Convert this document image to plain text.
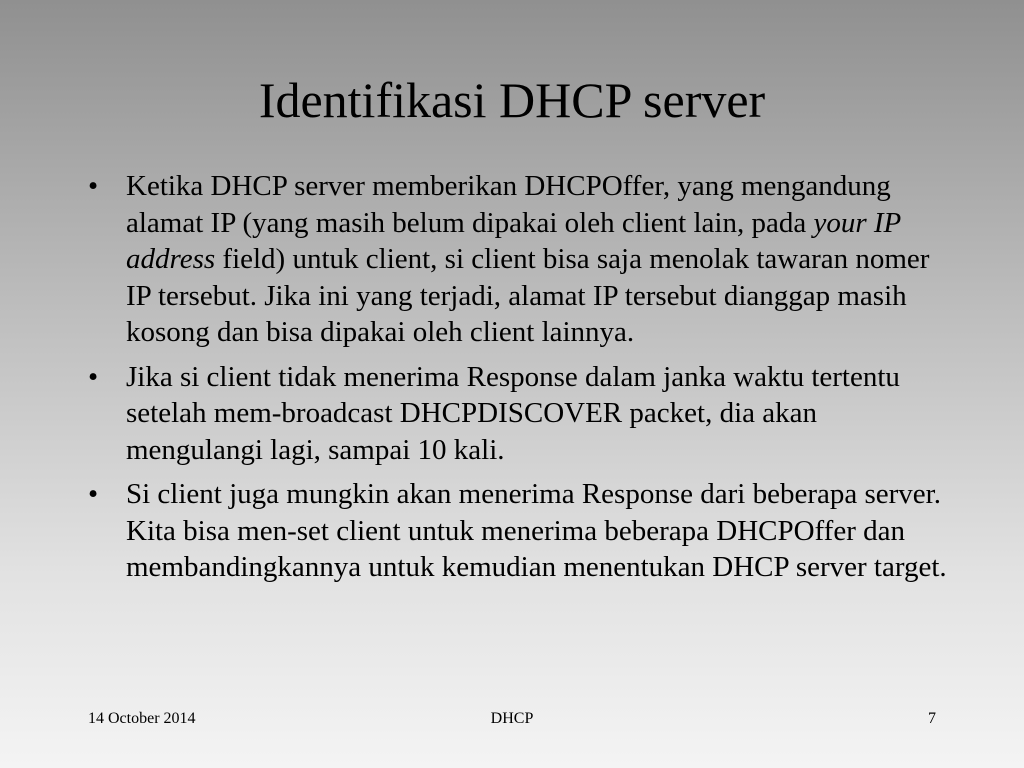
Identifikasi DHCP server
• Ketika DHCP server memberikan DHCPOffer, yang mengandung alamat IP (yang masih belum dipakai oleh client lain, pada your IP address field) untuk client, si client bisa saja menolak tawaran nomer IP tersebut. Jika ini yang terjadi, alamat IP tersebut dianggap masih kosong dan bisa dipakai oleh client lainnya.
• Jika si client tidak menerima Response dalam janka waktu tertentu setelah mem-broadcast DHCPDISCOVER packet, dia akan mengulangi lagi, sampai 10 kali.
• Si client juga mungkin akan menerima Response dari beberapa server. Kita bisa men-set client untuk menerima beberapa DHCPOffer dan membandingkannya untuk kemudian menentukan DHCP server target.
14 October 2014	DHCP	7
